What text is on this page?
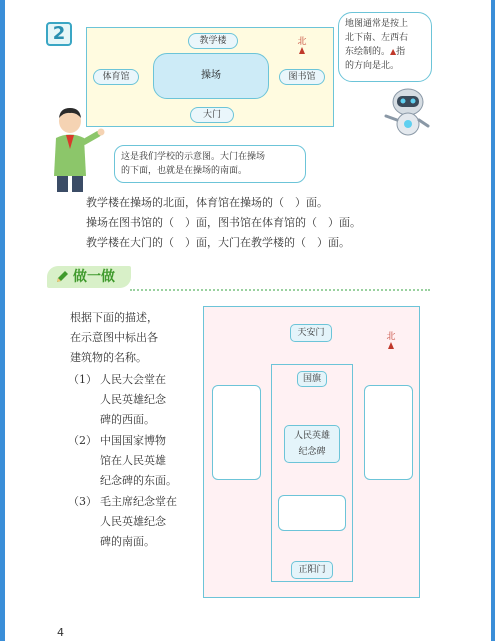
2	教学楼
体育馆	操场	图书馆
大门
北
地图通常是按上
北下南、左西右
东绘制的。▲指
的方向是北。
这是我们学校的示意图。大门在操场
的下面，也就是在操场的南面。
教学楼在操场的北面，体育馆在操场的（　）面。
操场在图书馆的（　）面，图书馆在体育馆的（　）面。
教学楼在大门的（　）面，大门在教学楼的（　）面。
做一做
根据下面的描述，
在示意图中标出各
建筑物的名称。
（1） 人民大会堂在
人民英雄纪念
碑的西面。
（2） 中国国家博物
馆在人民英雄
纪念碑的东面。
（3） 毛主席纪念堂在
人民英雄纪念
碑的南面。
天安门	北
国旗
人民英雄
纪念碑
正阳门
4
